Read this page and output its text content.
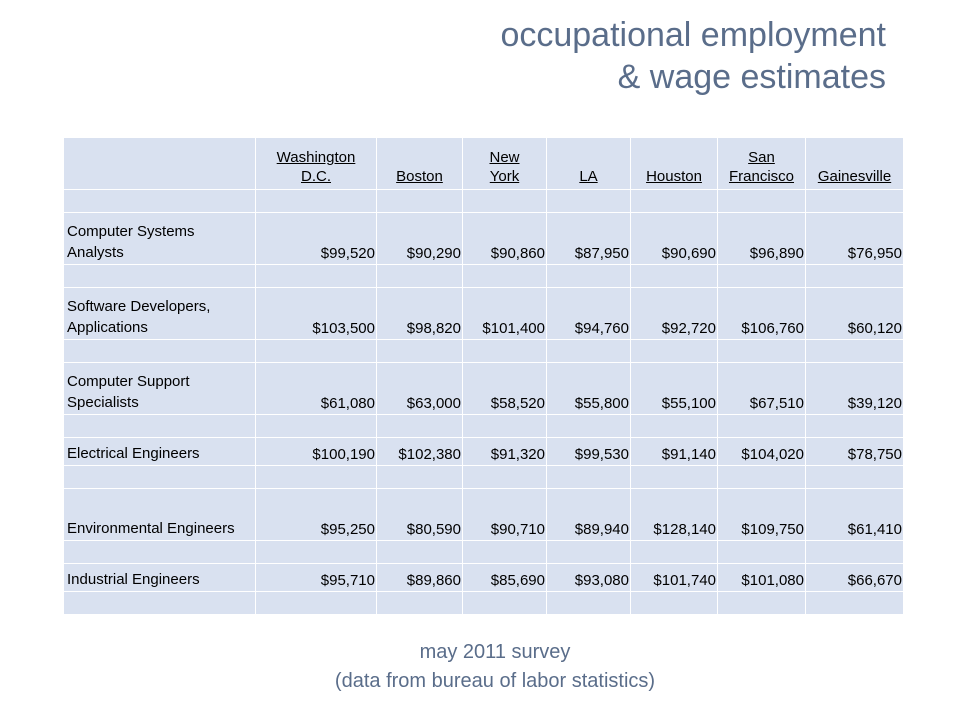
occupational employment
& wage estimates
	Washington D.C.	Boston	New York	LA	Houston	San Francisco	Gainesville

Computer Systems Analysts	$99,520	$90,290	$90,860	$87,950	$90,690	$96,890	$76,950

Software Developers, Applications	$103,500	$98,820	$101,400	$94,760	$92,720	$106,760	$60,120

Computer Support Specialists	$61,080	$63,000	$58,520	$55,800	$55,100	$67,510	$39,120

Electrical Engineers	$100,190	$102,380	$91,320	$99,530	$91,140	$104,020	$78,750

Environmental Engineers	$95,250	$80,590	$90,710	$89,940	$128,140	$109,750	$61,410

Industrial Engineers	$95,710	$89,860	$85,690	$93,080	$101,740	$101,080	$66,670

may 2011 survey
(data from bureau of labor statistics)
